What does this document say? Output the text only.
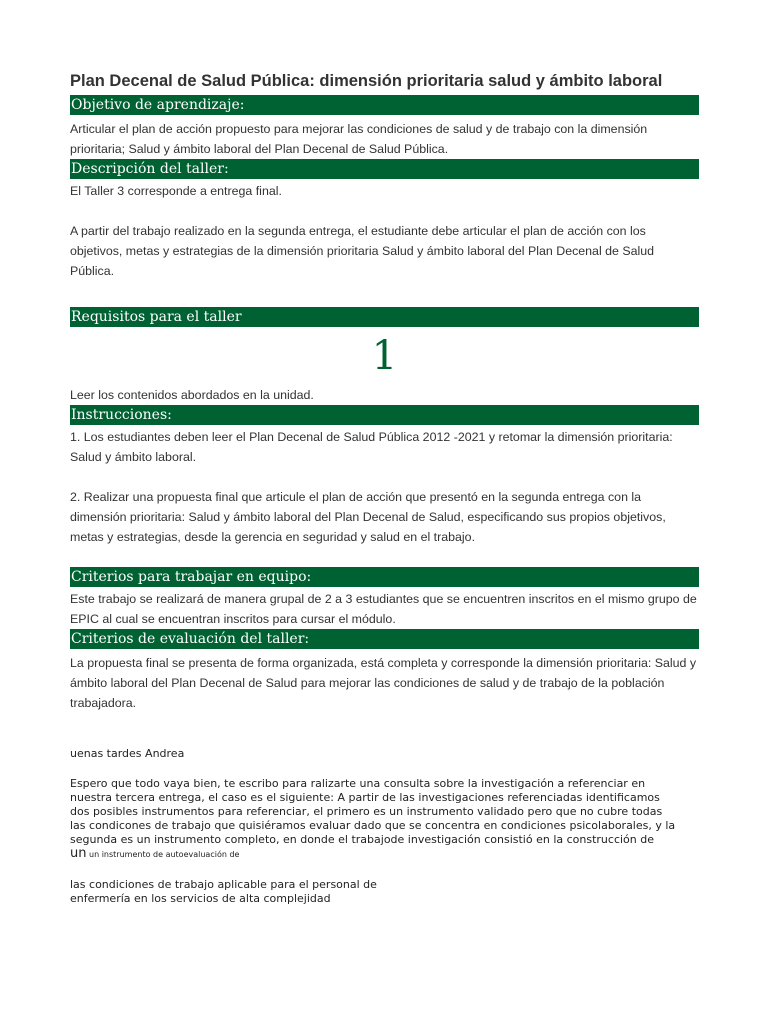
Plan Decenal de Salud Pública: dimensión prioritaria salud y ámbito laboral
Objetivo de aprendizaje:

Articular el plan de acción propuesto para mejorar las condiciones de salud y de trabajo con la dimensión prioritaria; Salud y ámbito laboral del Plan Decenal de Salud Pública.

Descripción del taller:

El Taller 3 corresponde a entrega final.

A partir del trabajo realizado en la segunda entrega, el estudiante debe articular el plan de acción con los objetivos, metas y estrategias de la dimensión prioritaria Salud y ámbito laboral del Plan Decenal de Salud Pública.

Requisitos para el taller
1

Leer los contenidos abordados en la unidad.

Instrucciones:

1. Los estudiantes deben leer el Plan Decenal de Salud Pública 2012 -2021 y retomar la dimensión prioritaria: Salud y ámbito laboral.

2. Realizar una propuesta final que articule el plan de acción que presentó en la segunda entrega con la dimensión prioritaria: Salud y ámbito laboral del Plan Decenal de Salud, especificando sus propios objetivos, metas y estrategias, desde la gerencia en seguridad y salud en el trabajo.

Criterios para trabajar en equipo:

Este trabajo se realizará de manera grupal de 2 a 3 estudiantes que se encuentren inscritos en el mismo grupo de EPIC al cual se encuentran inscritos para cursar el módulo.

Criterios de evaluación del taller:

La propuesta final se presenta de forma organizada, está completa y corresponde la dimensión prioritaria: Salud y ámbito laboral del Plan Decenal de Salud para mejorar las condiciones de salud y de trabajo de la población trabajadora.

uenas tardes Andrea

Espero que todo vaya bien, te escribo para ralizarte una consulta sobre la investigación a referenciar en

nuestra tercera entrega, el caso es el siguiente: A partir de las investigaciones referenciadas identificamos

dos posibles instrumentos para referenciar, el primero es un instrumento validado pero que no cubre todas

las condicones de trabajo que quisiéramos evaluar dado que se concentra en condiciones psicolaborales, y la

segunda es un instrumento completo, en donde el trabajode investigación consistió en la construcción de

un un instrumento de autoevaluación de

las condiciones de trabajo aplicable para el personal de

enfermería en los servicios de alta complejidad
